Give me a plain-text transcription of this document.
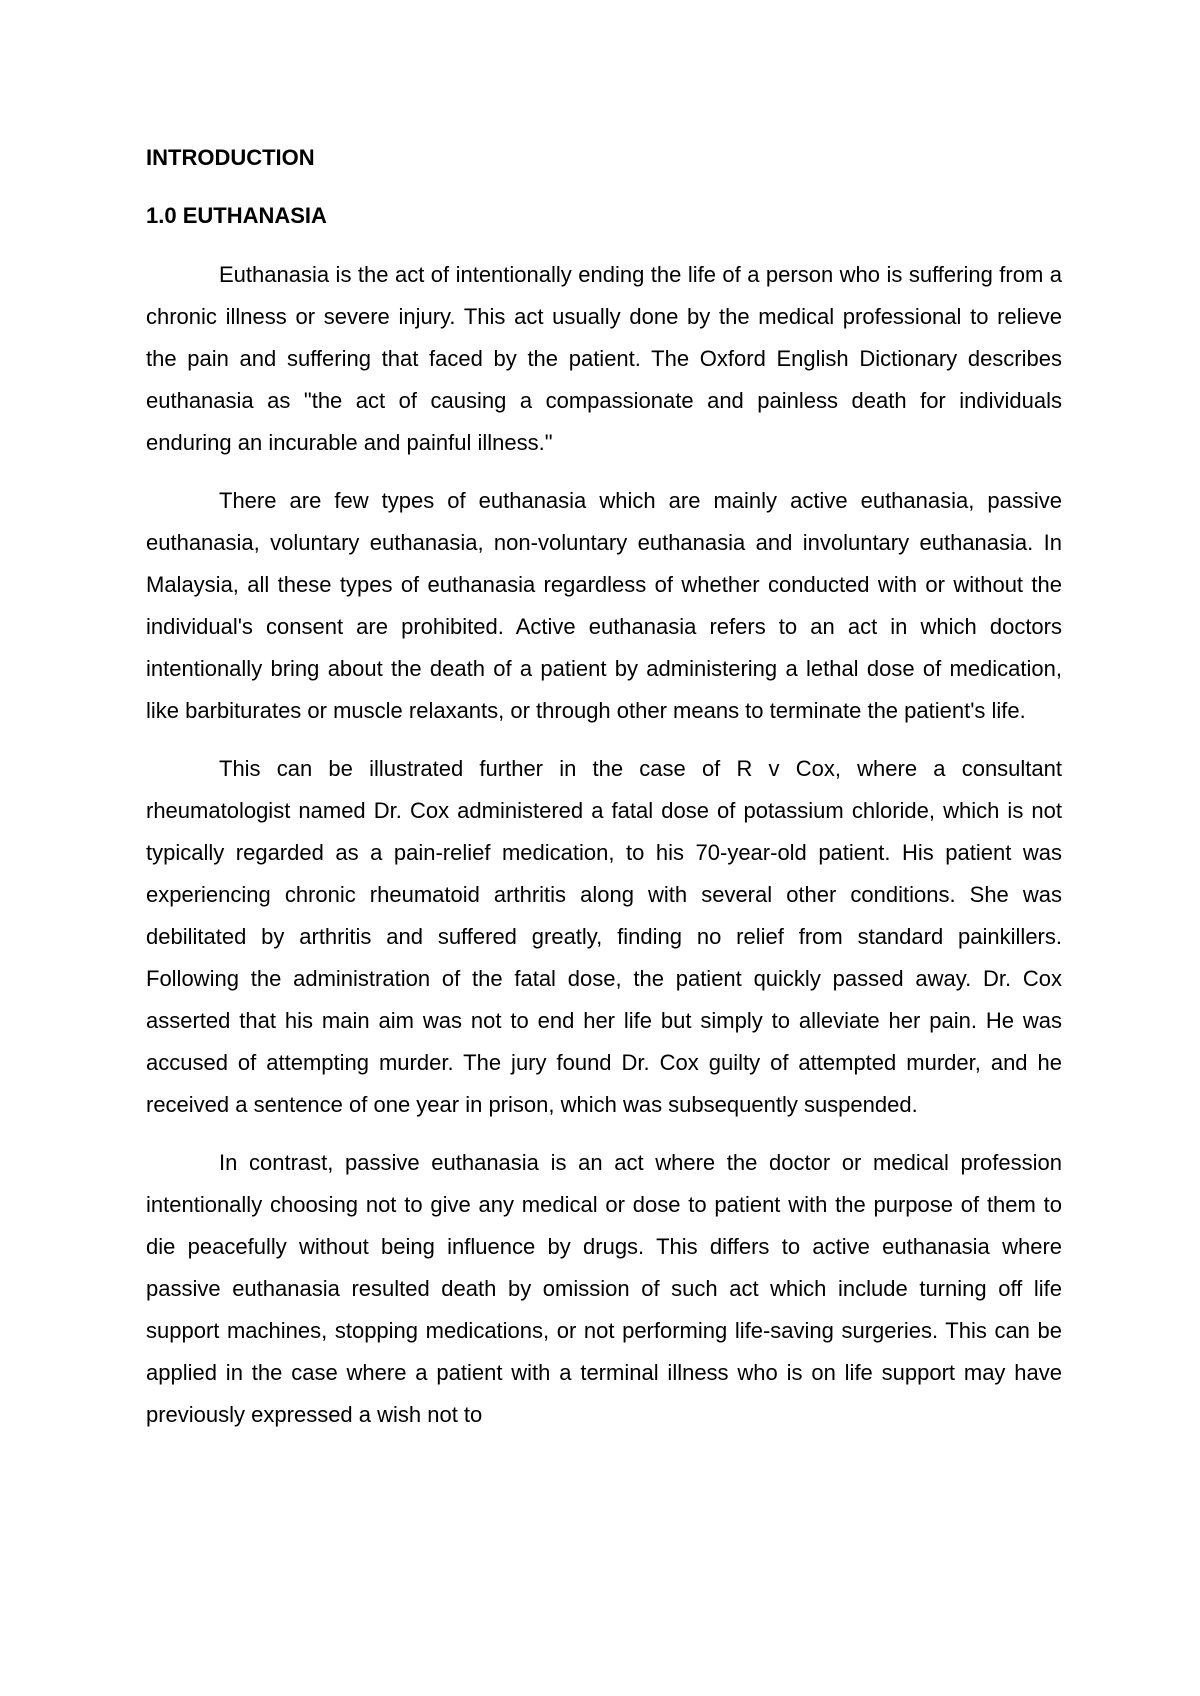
INTRODUCTION
1.0 EUTHANASIA

Euthanasia is the act of intentionally ending the life of a person who is suffering from a chronic illness or severe injury. This act usually done by the medical professional to relieve the pain and suffering that faced by the patient. The Oxford English Dictionary describes euthanasia as "the act of causing a compassionate and painless death for individuals enduring an incurable and painful illness."

There are few types of euthanasia which are mainly active euthanasia, passive euthanasia, voluntary euthanasia, non-voluntary euthanasia and involuntary euthanasia. In Malaysia, all these types of euthanasia regardless of whether conducted with or without the individual's consent are prohibited. Active euthanasia refers to an act in which doctors intentionally bring about the death of a patient by administering a lethal dose of medication, like barbiturates or muscle relaxants, or through other means to terminate the patient's life.

This can be illustrated further in the case of R v Cox, where a consultant rheumatologist named Dr. Cox administered a fatal dose of potassium chloride, which is not typically regarded as a pain-relief medication, to his 70-year-old patient. His patient was experiencing chronic rheumatoid arthritis along with several other conditions. She was debilitated by arthritis and suffered greatly, finding no relief from standard painkillers. Following the administration of the fatal dose, the patient quickly passed away. Dr. Cox asserted that his main aim was not to end her life but simply to alleviate her pain. He was accused of attempting murder. The jury found Dr. Cox guilty of attempted murder, and he received a sentence of one year in prison, which was subsequently suspended.

In contrast, passive euthanasia is an act where the doctor or medical profession intentionally choosing not to give any medical or dose to patient with the purpose of them to die peacefully without being influence by drugs. This differs to active euthanasia where passive euthanasia resulted death by omission of such act which include turning off life support machines, stopping medications, or not performing life-saving surgeries. This can be applied in the case where a patient with a terminal illness who is on life support may have previously expressed a wish not to
